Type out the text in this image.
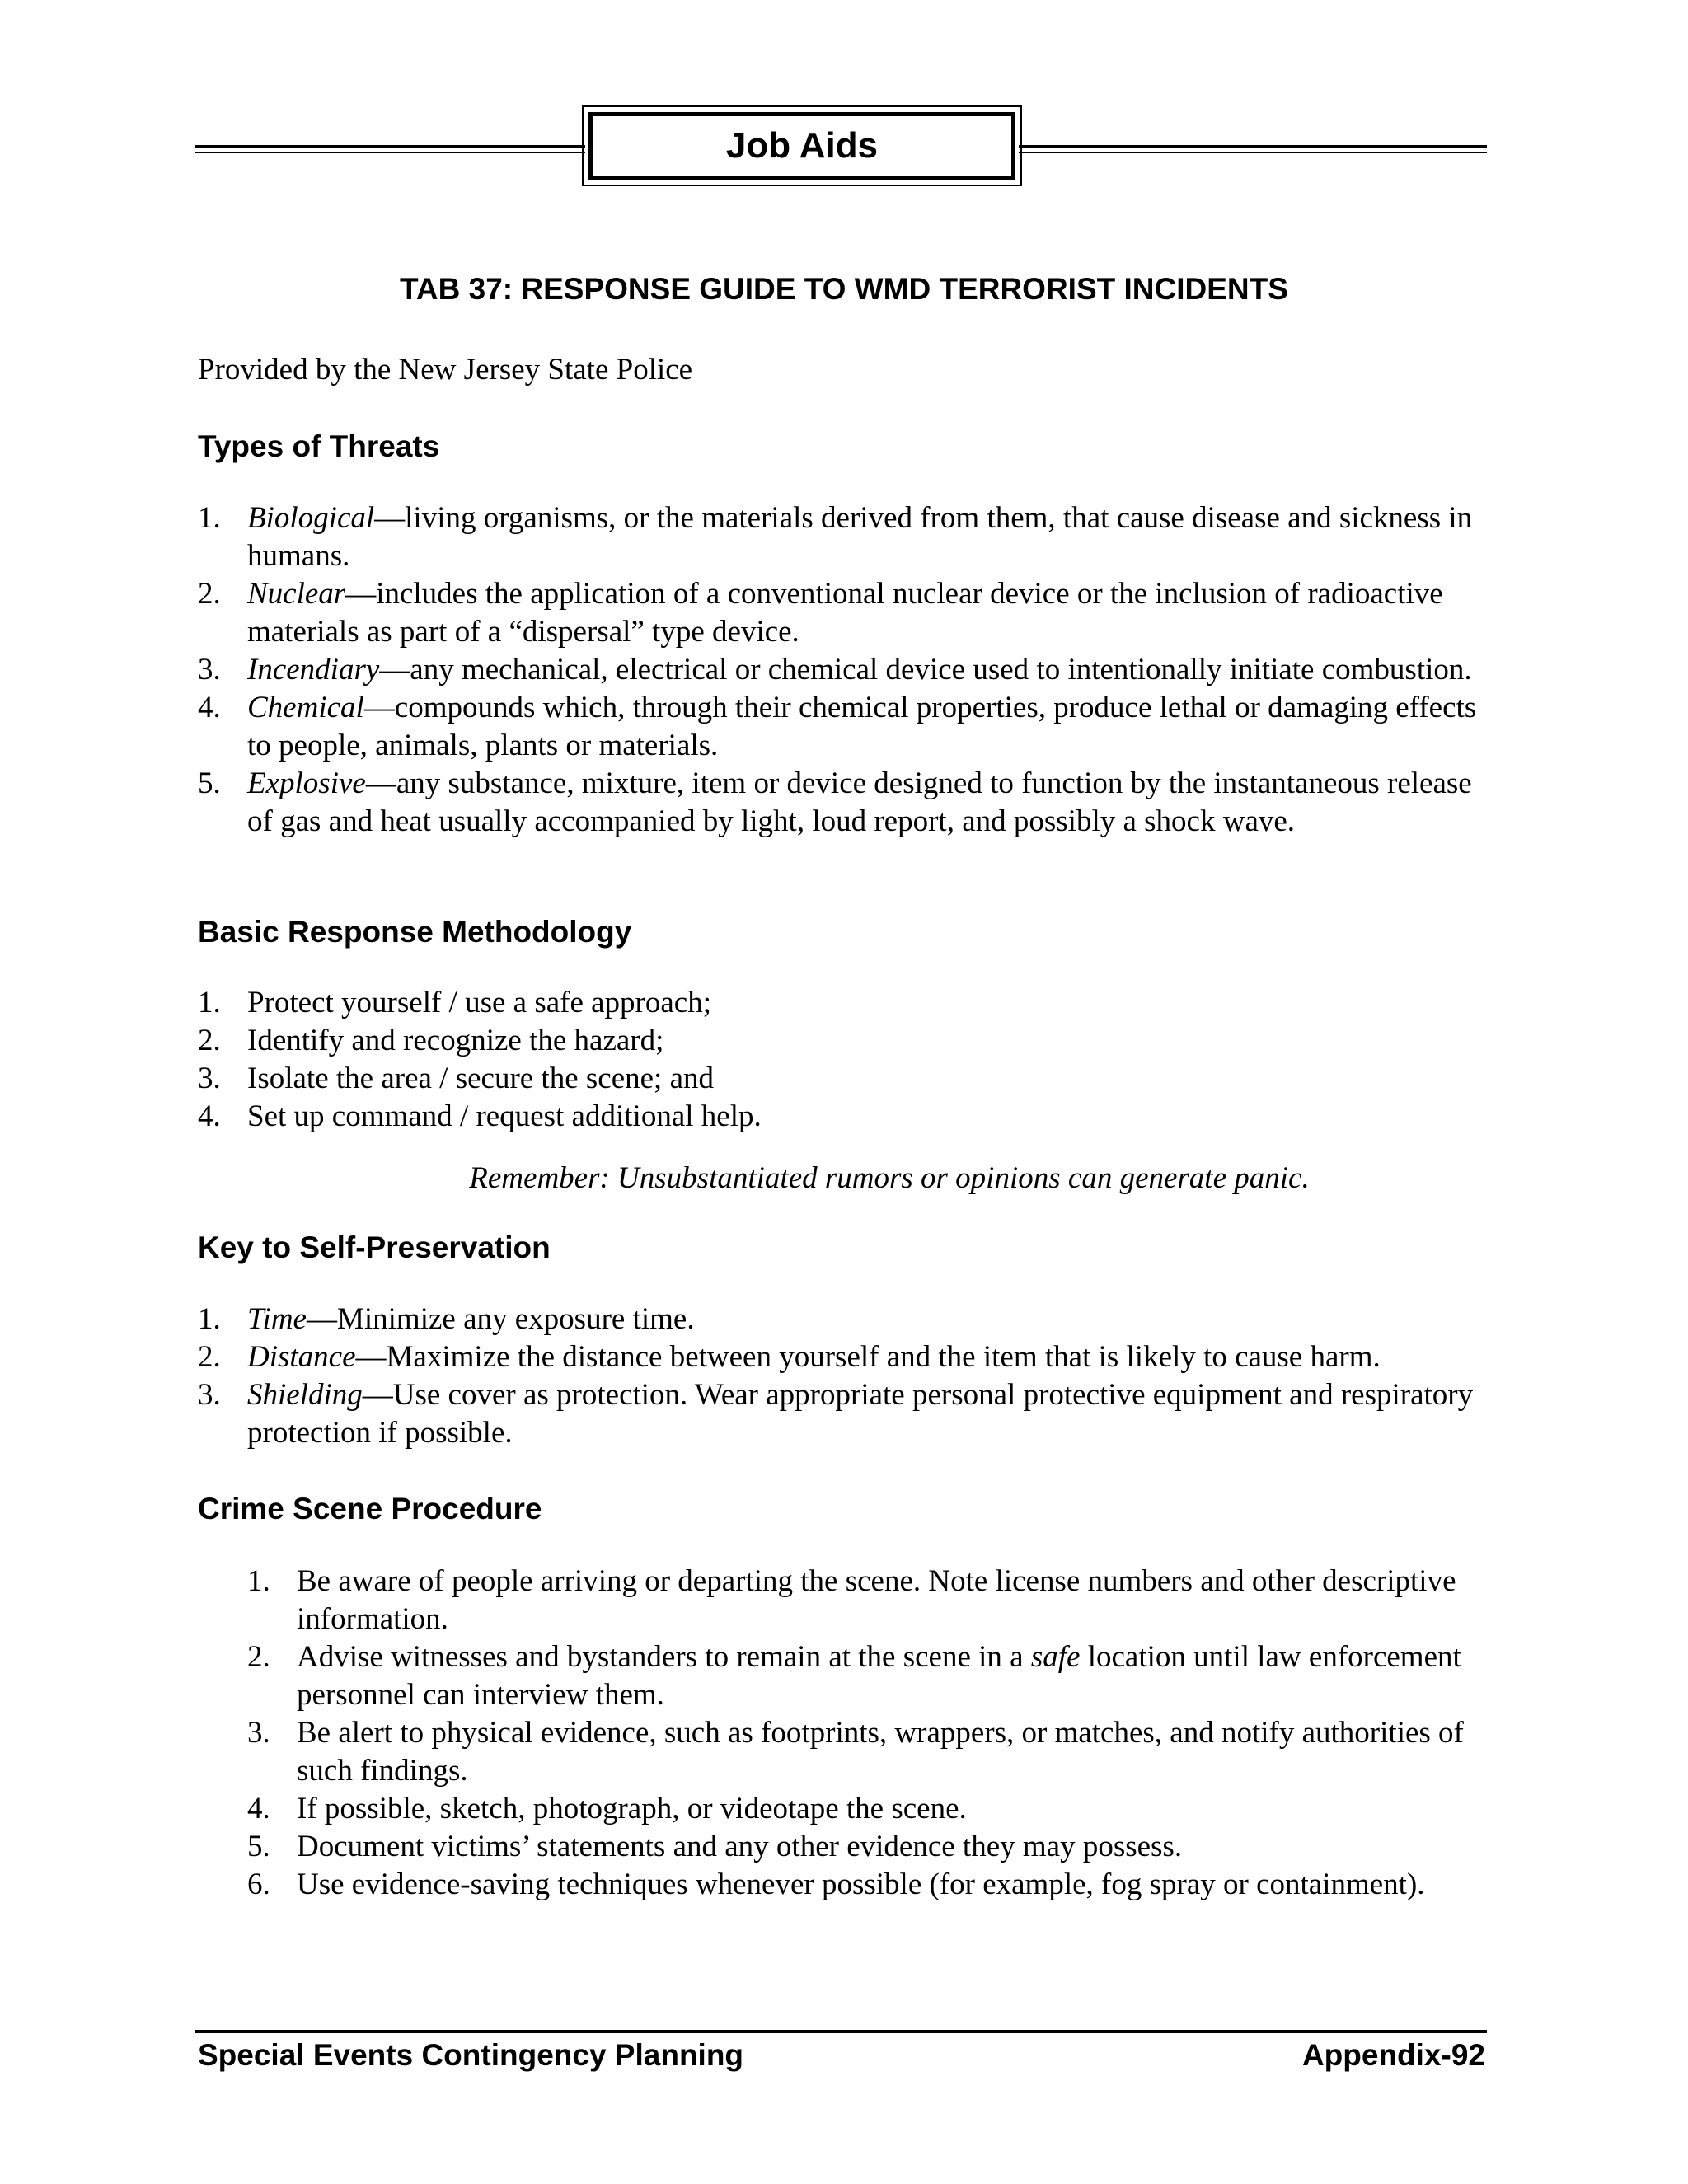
Job Aids
TAB 37: RESPONSE GUIDE TO WMD TERRORIST INCIDENTS
Provided by the New Jersey State Police
Types of Threats
1. Biological—living organisms, or the materials derived from them, that cause disease and sickness in humans.
2. Nuclear—includes the application of a conventional nuclear device or the inclusion of radioactive materials as part of a “dispersal” type device.
3. Incendiary—any mechanical, electrical or chemical device used to intentionally initiate combustion.
4. Chemical—compounds which, through their chemical properties, produce lethal or damaging effects to people, animals, plants or materials.
5. Explosive—any substance, mixture, item or device designed to function by the instantaneous release of gas and heat usually accompanied by light, loud report, and possibly a shock wave.
Basic Response Methodology
1. Protect yourself / use a safe approach;
2. Identify and recognize the hazard;
3. Isolate the area / secure the scene; and
4. Set up command / request additional help.
Remember: Unsubstantiated rumors or opinions can generate panic.
Key to Self-Preservation
1. Time—Minimize any exposure time.
2. Distance—Maximize the distance between yourself and the item that is likely to cause harm.
3. Shielding—Use cover as protection. Wear appropriate personal protective equipment and respiratory protection if possible.
Crime Scene Procedure
1. Be aware of people arriving or departing the scene. Note license numbers and other descriptive information.
2. Advise witnesses and bystanders to remain at the scene in a safe location until law enforcement personnel can interview them.
3. Be alert to physical evidence, such as footprints, wrappers, or matches, and notify authorities of such findings.
4. If possible, sketch, photograph, or videotape the scene.
5. Document victims’ statements and any other evidence they may possess.
6. Use evidence-saving techniques whenever possible (for example, fog spray or containment).
Special Events Contingency Planning	Appendix-92
